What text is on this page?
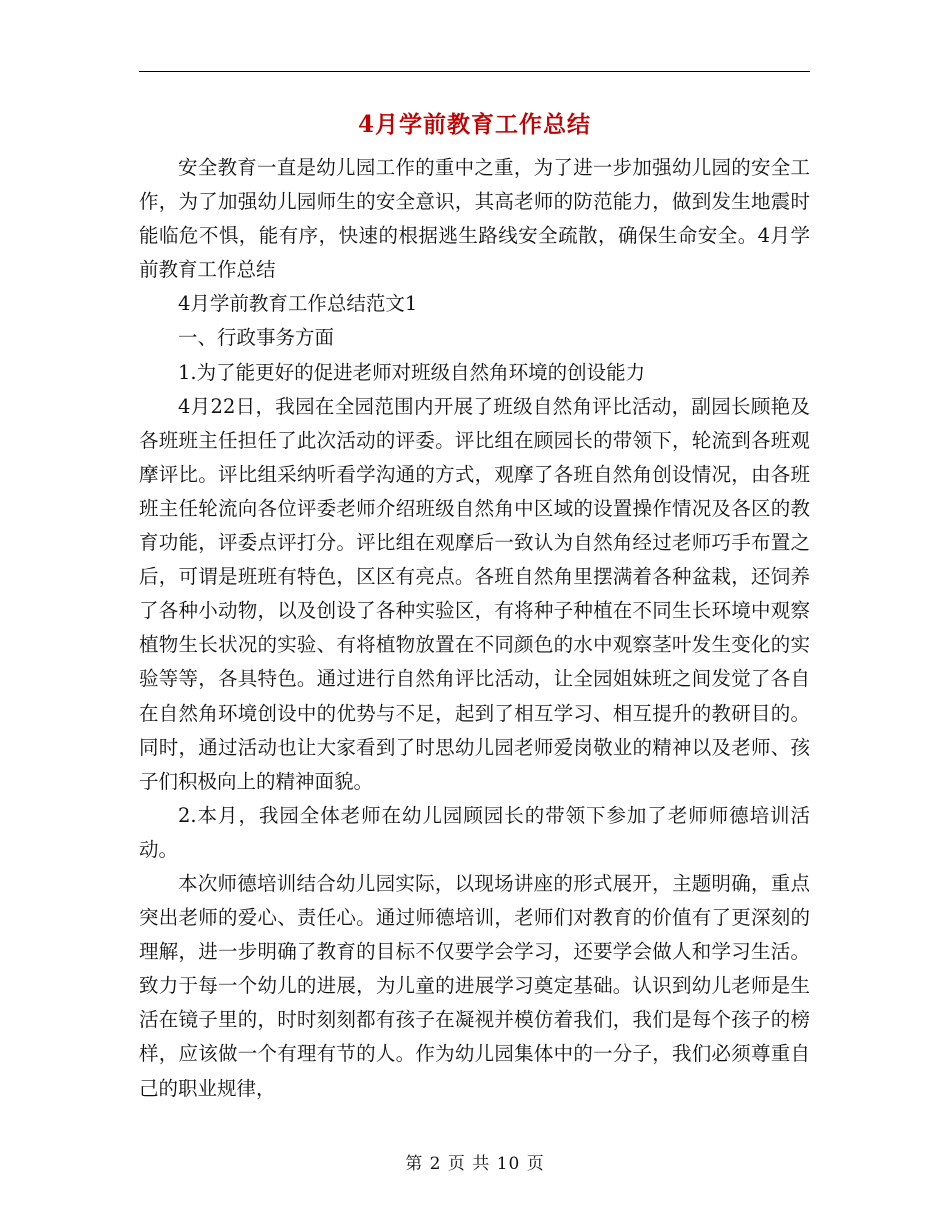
4月学前教育工作总结

安全教育一直是幼儿园工作的重中之重，为了进一步加强幼儿园的安全工作，为了加强幼儿园师生的安全意识，其高老师的防范能力，做到发生地震时能临危不惧，能有序，快速的根据逃生路线安全疏散，确保生命安全。4月学前教育工作总结

4月学前教育工作总结范文1

一、行政事务方面

1.为了能更好的促进老师对班级自然角环境的创设能力

4月22日，我园在全园范围内开展了班级自然角评比活动，副园长顾艳及各班班主任担任了此次活动的评委。评比组在顾园长的带领下，轮流到各班观摩评比。评比组采纳听看学沟通的方式，观摩了各班自然角创设情况，由各班班主任轮流向各位评委老师介绍班级自然角中区域的设置操作情况及各区的教育功能，评委点评打分。评比组在观摩后一致认为自然角经过老师巧手布置之后，可谓是班班有特色，区区有亮点。各班自然角里摆满着各种盆栽，还饲养了各种小动物，以及创设了各种实验区，有将种子种植在不同生长环境中观察植物生长状况的实验、有将植物放置在不同颜色的水中观察茎叶发生变化的实验等等，各具特色。通过进行自然角评比活动，让全园姐妹班之间发觉了各自在自然角环境创设中的优势与不足，起到了相互学习、相互提升的教研目的。同时，通过活动也让大家看到了时思幼儿园老师爱岗敬业的精神以及老师、孩子们积极向上的精神面貌。

2.本月，我园全体老师在幼儿园顾园长的带领下参加了老师师德培训活动。

本次师德培训结合幼儿园实际，以现场讲座的形式展开，主题明确，重点突出老师的爱心、责任心。通过师德培训，老师们对教育的价值有了更深刻的理解，进一步明确了教育的目标不仅要学会学习，还要学会做人和学习生活。致力于每一个幼儿的进展，为儿童的进展学习奠定基础。认识到幼儿老师是生活在镜子里的，时时刻刻都有孩子在凝视并模仿着我们，我们是每个孩子的榜样，应该做一个有理有节的人。作为幼儿园集体中的一分子，我们必须尊重自己的职业规律，

第 2 页 共 10 页
